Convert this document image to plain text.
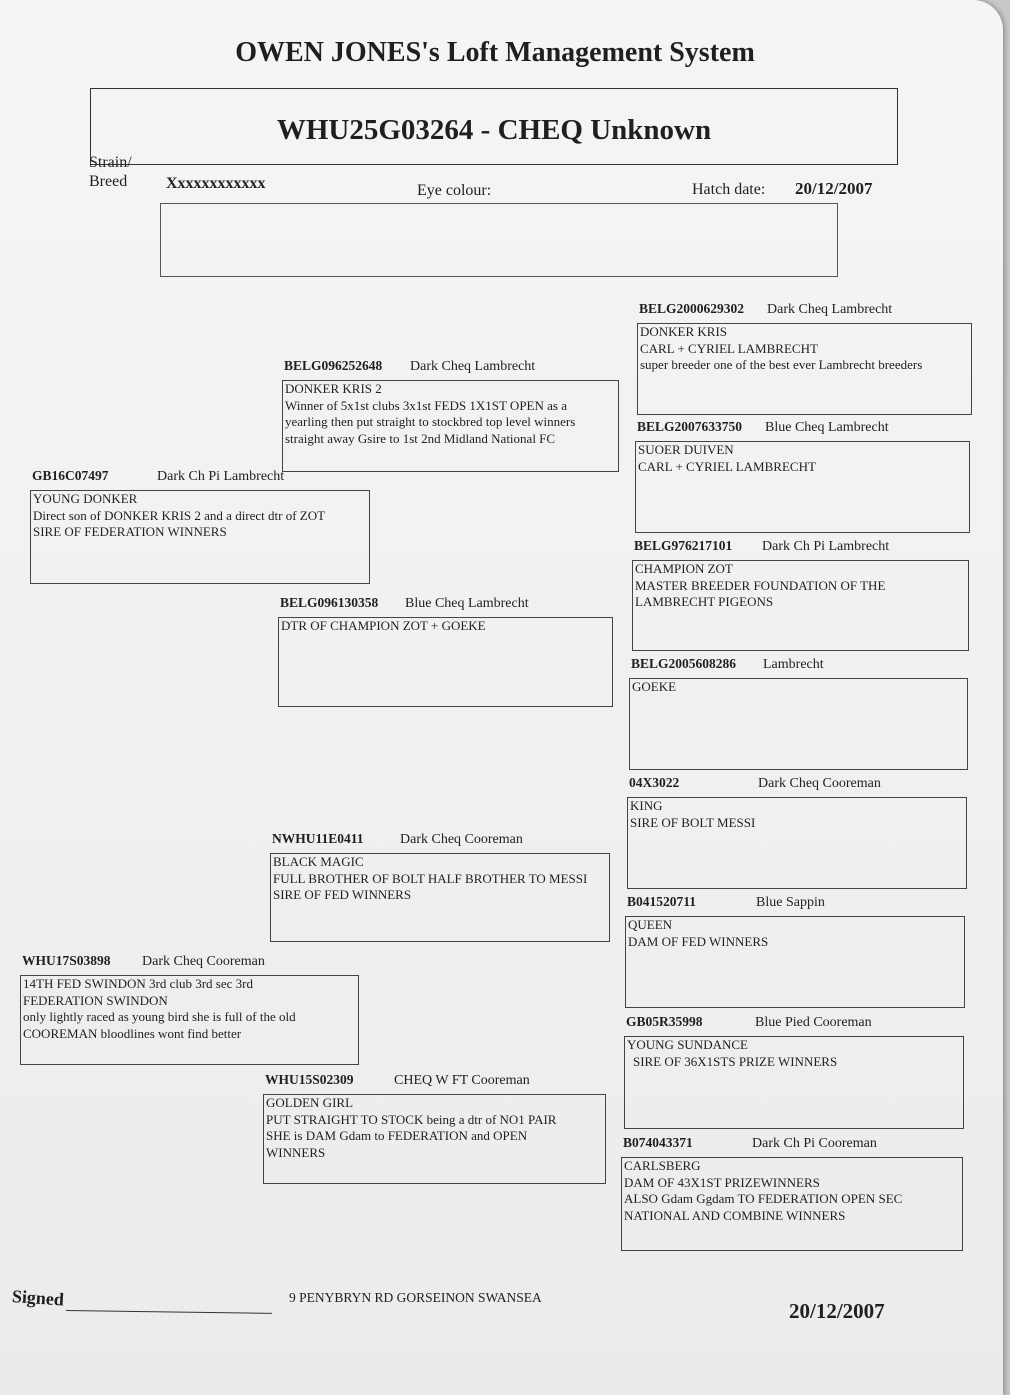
OWEN JONES's Loft Management System
WHU25G03264 - CHEQ Unknown
Strain/
Breed Xxxxxxxxxxxx	Eye colour:	Hatch date: 20/12/2007
GB16C07497	Dark Ch Pi Lambrecht
YOUNG DONKER
Direct son of DONKER KRIS 2 and a direct dtr of ZOT
SIRE OF FEDERATION WINNERS
WHU17S03898 Dark Cheq Cooreman
14TH FED SWINDON 3rd club 3rd sec 3rd
FEDERATION SWINDON
only lightly raced as young bird she is full of the old
COOREMAN bloodlines wont find better
BELG096252648 Dark Cheq Lambrecht
DONKER KRIS 2
Winner of 5x1st clubs 3x1st FEDS 1X1ST OPEN as a
yearling then put straight to stockbred top level winners
straight away Gsire to 1st 2nd Midland National FC
BELG096130358 Blue Cheq Lambrecht
DTR OF CHAMPION ZOT + GOEKE
NWHU11E0411	Dark Cheq Cooreman
BLACK MAGIC
FULL BROTHER OF BOLT HALF BROTHER TO MESSI
SIRE OF FED WINNERS
WHU15S02309	CHEQ W FT Cooreman
GOLDEN GIRL
PUT STRAIGHT TO STOCK being a dtr of NO1 PAIR
SHE is DAM Gdam to FEDERATION and OPEN
WINNERS
BELG2000629302 Dark Cheq Lambrecht
DONKER KRIS
CARL + CYRIEL LAMBRECHT
super breeder one of the best ever Lambrecht breeders
BELG2007633750 Blue Cheq Lambrecht
SUOER DUIVEN
CARL + CYRIEL LAMBRECHT
BELG976217101 Dark Ch Pi Lambrecht
CHAMPION ZOT
MASTER BREEDER FOUNDATION OF THE
LAMBRECHT PIGEONS
BELG2005608286 Lambrecht
GOEKE
04X3022	Dark Cheq Cooreman
KING
SIRE OF BOLT MESSI
B041520711	Blue Sappin
QUEEN
DAM OF FED WINNERS
GB05R35998	Blue Pied Cooreman
YOUNG SUNDANCE
SIRE OF 36X1STS PRIZE WINNERS
B074043371	Dark Ch Pi Cooreman
CARLSBERG
DAM OF 43X1ST PRIZEWINNERS
ALSO Gdam Ggdam TO FEDERATION OPEN SEC
NATIONAL AND COMBINE WINNERS
Signed	9 PENYBRYN RD GORSEINON SWANSEA
20/12/2007
